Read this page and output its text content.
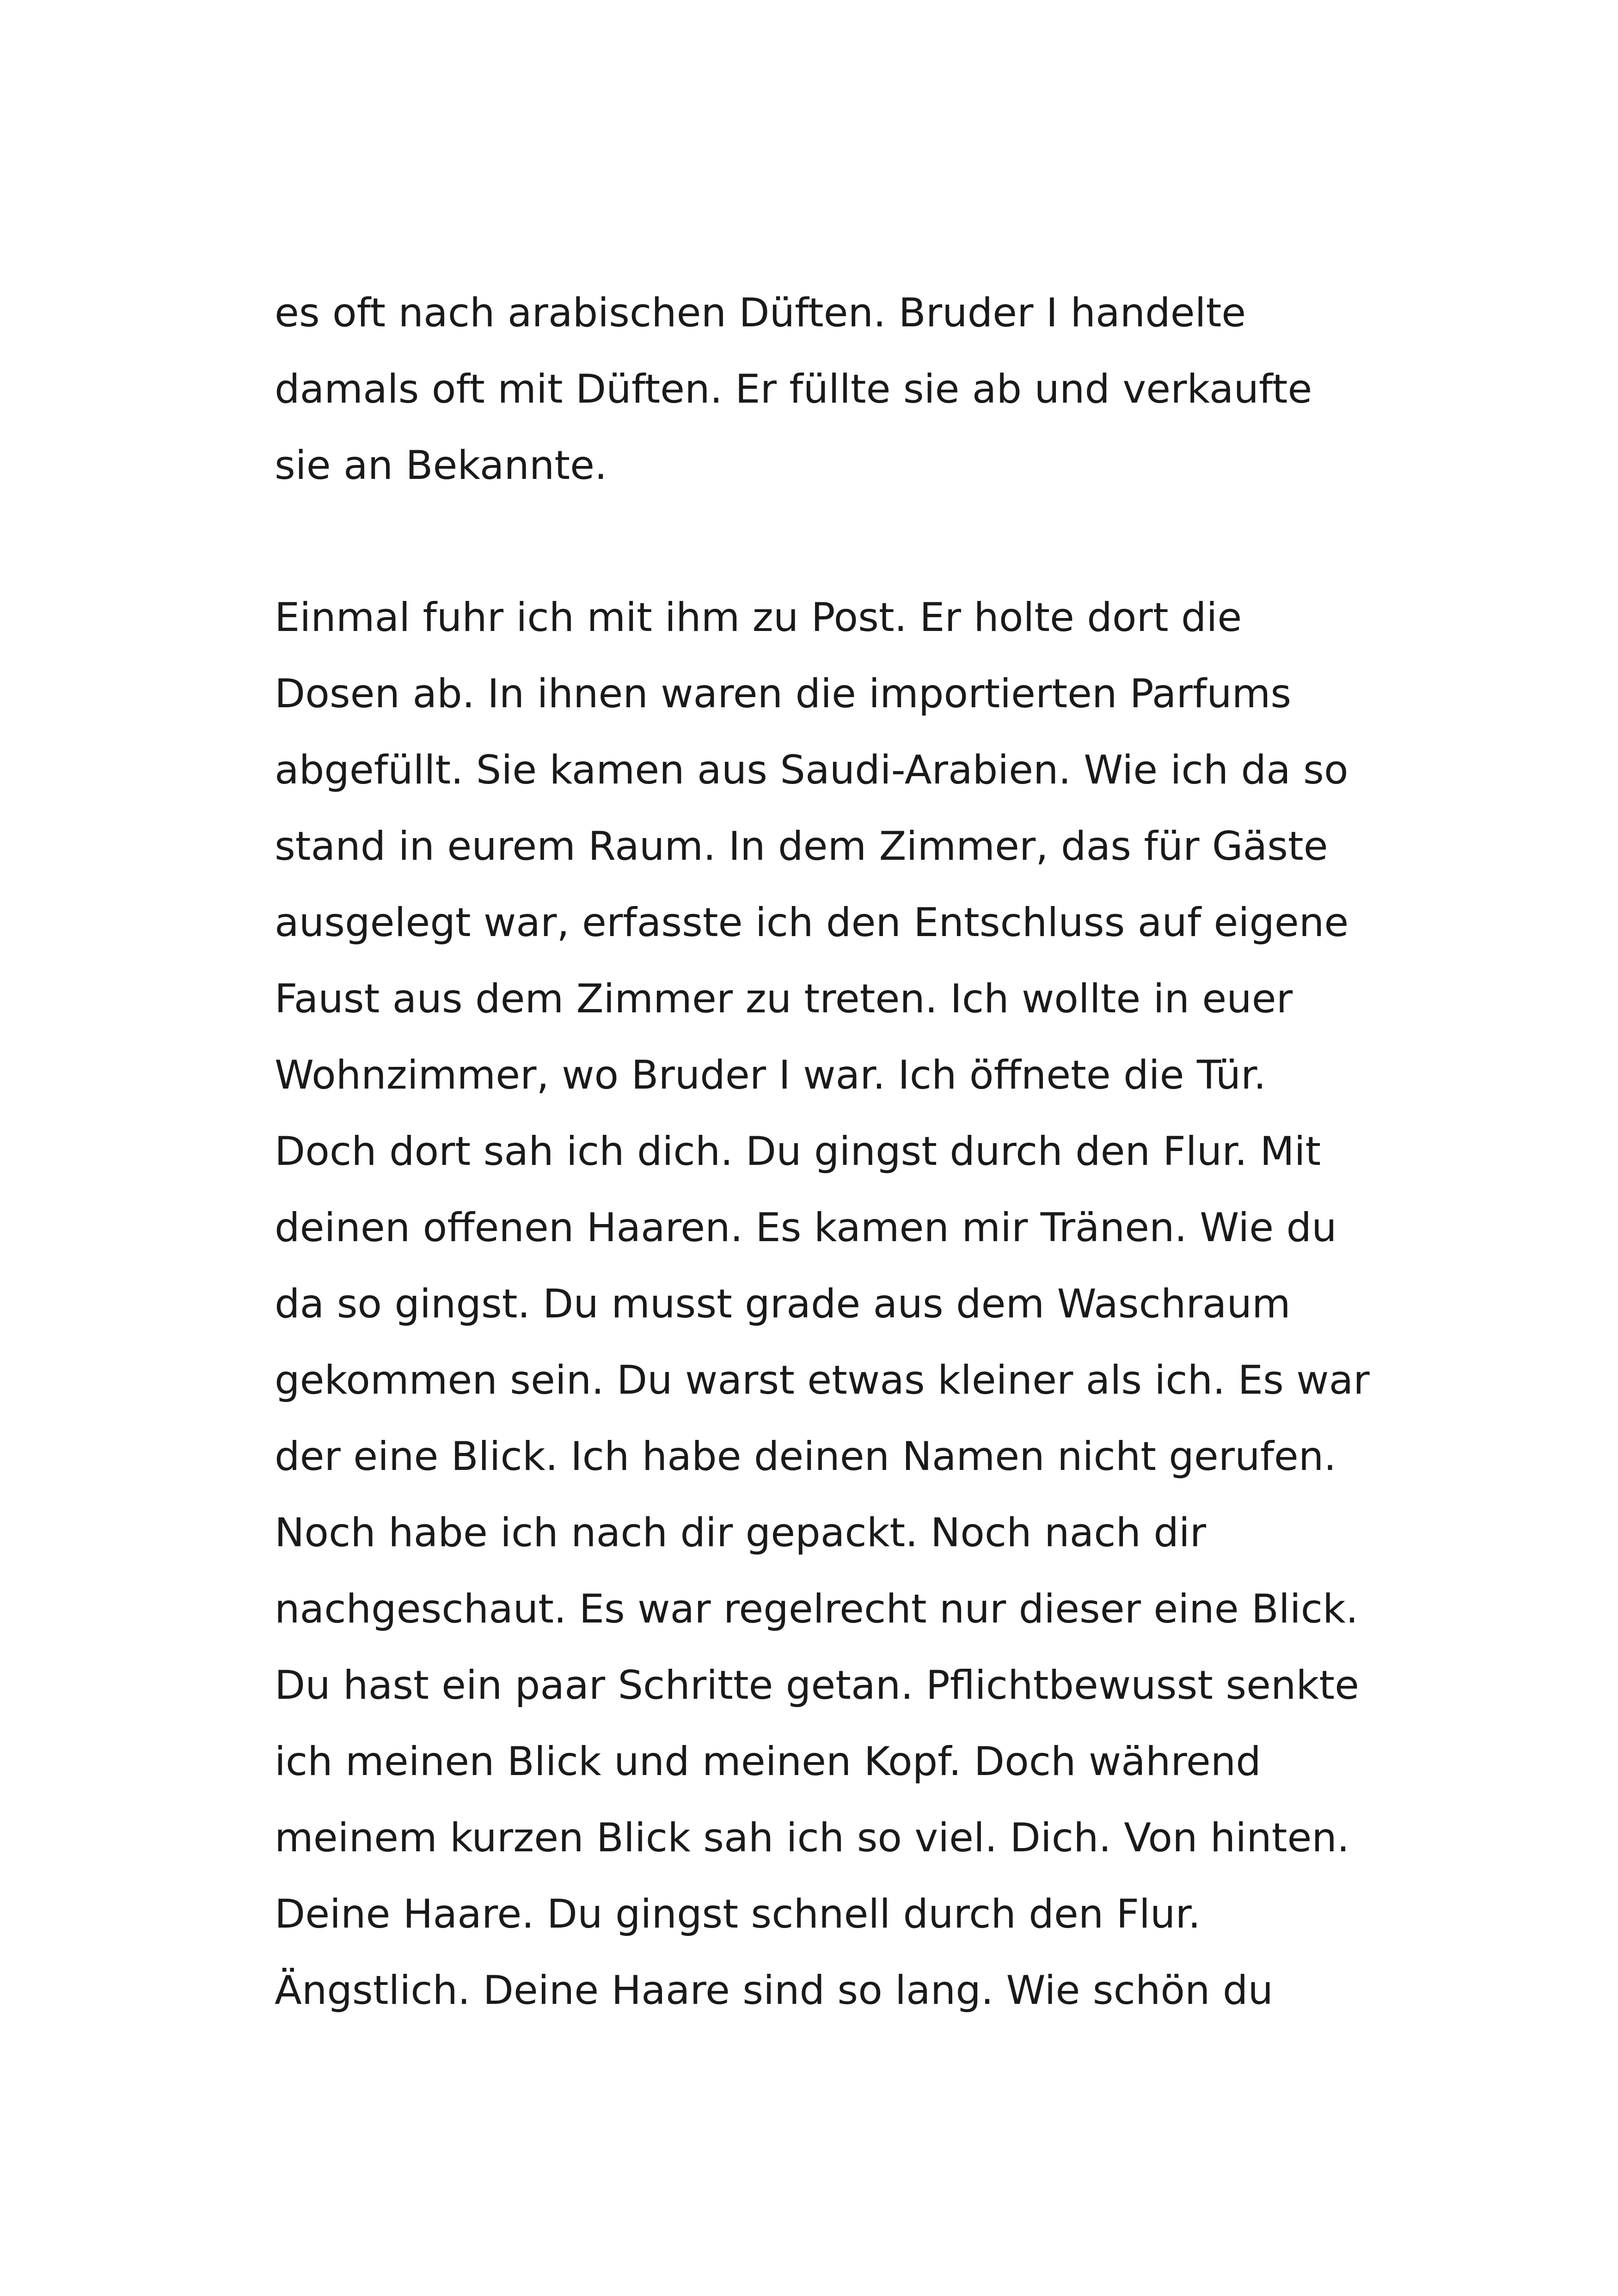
es oft nach arabischen Düften. Bruder I handelte
damals oft mit Düften. Er füllte sie ab und verkaufte
sie an Bekannte.
Einmal fuhr ich mit ihm zu Post. Er holte dort die
Dosen ab. In ihnen waren die importierten Parfums
abgefüllt. Sie kamen aus Saudi-Arabien. Wie ich da so
stand in eurem Raum. In dem Zimmer, das für Gäste
ausgelegt war, erfasste ich den Entschluss auf eigene
Faust aus dem Zimmer zu treten. Ich wollte in euer
Wohnzimmer, wo Bruder I war. Ich öffnete die Tür.
Doch dort sah ich dich. Du gingst durch den Flur. Mit
deinen offenen Haaren. Es kamen mir Tränen. Wie du
da so gingst. Du musst grade aus dem Waschraum
gekommen sein. Du warst etwas kleiner als ich. Es war
der eine Blick. Ich habe deinen Namen nicht gerufen.
Noch habe ich nach dir gepackt. Noch nach dir
nachgeschaut. Es war regelrecht nur dieser eine Blick.
Du hast ein paar Schritte getan. Pflichtbewusst senkte
ich meinen Blick und meinen Kopf. Doch während
meinem kurzen Blick sah ich so viel. Dich. Von hinten.
Deine Haare. Du gingst schnell durch den Flur.
Ängstlich. Deine Haare sind so lang. Wie schön du
